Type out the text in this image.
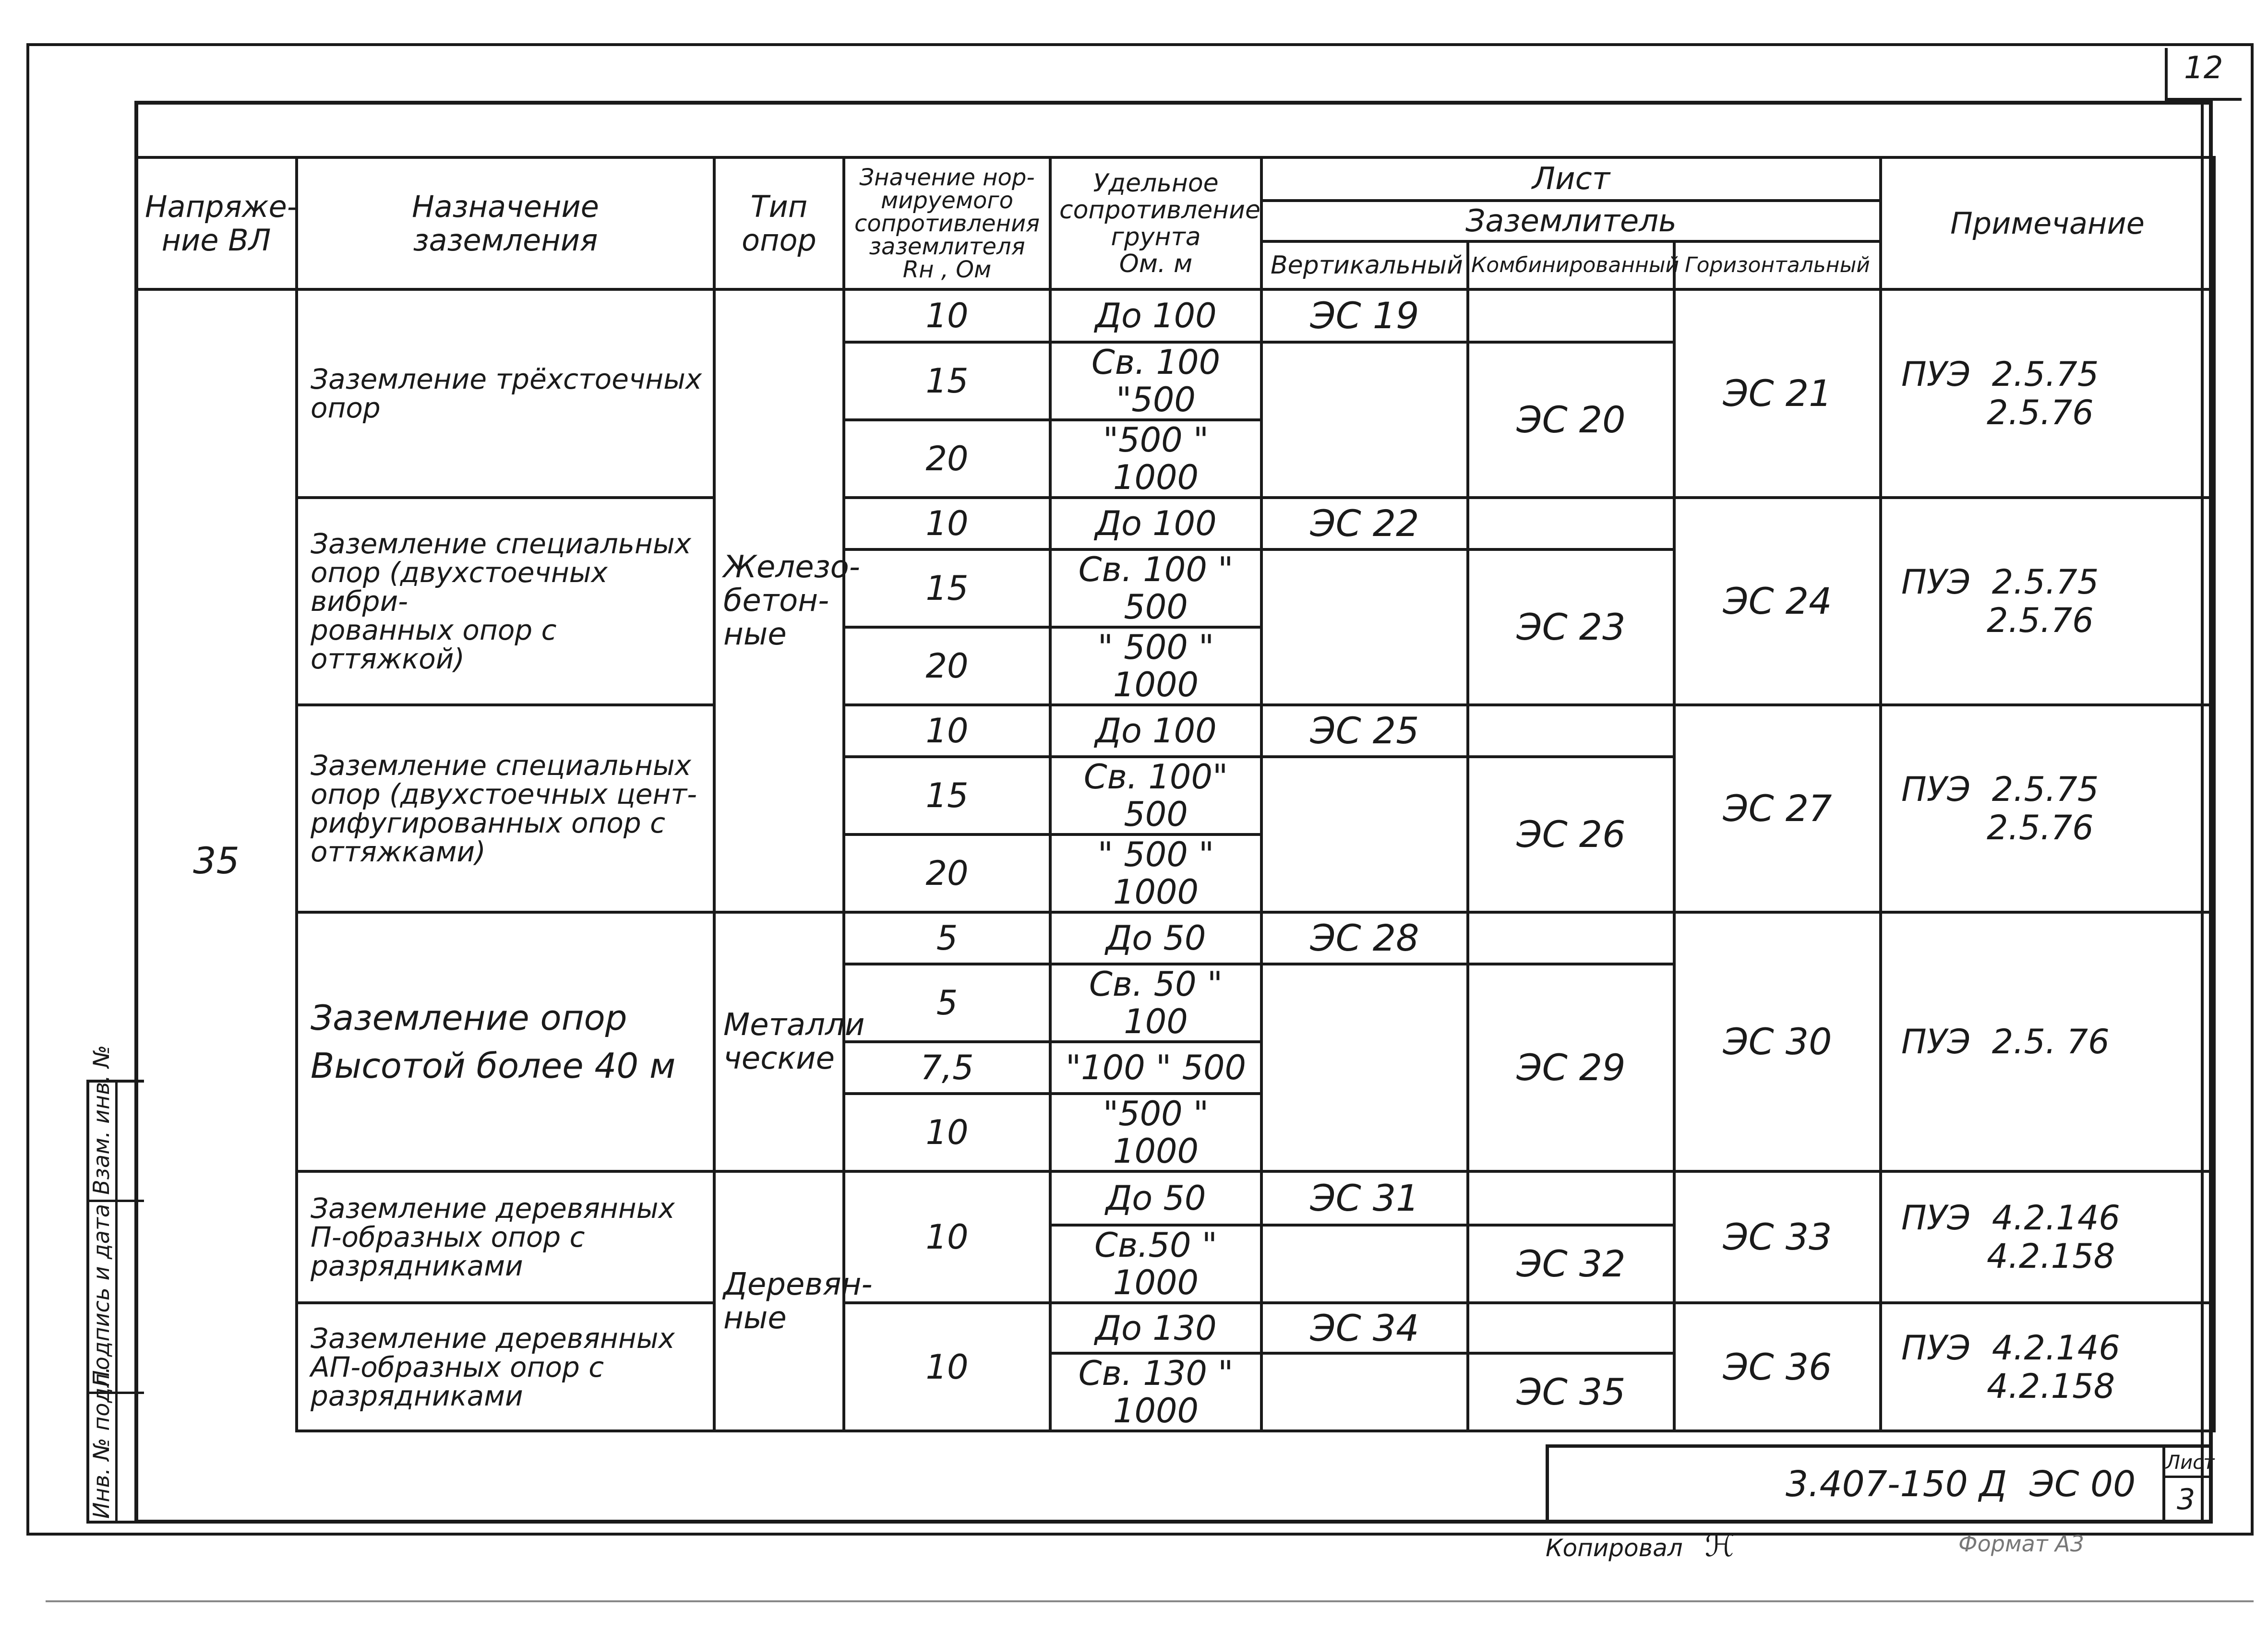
12
Напряже-
ние ВЛ	Назначение
заземления	Тип
опор	Значение нор-
мируемого
сопротивления
заземлителя
Rн , Ом	Удельное
сопротивление
грунта
Ом. м	Лист			Примечание
					Заземлитель			
					Вертикальный	Комбинированный	Горизонтальный	
35	Заземление трёхстоечных
опор	Железо-
бетон-
ные	10	До 100	ЭС 19		ЭС 21	ПУЭ  2.5.75
2.5.76
			15	Св. 100 "500		ЭС 20		
			20	"500 " 1000				
	Заземление специальных
опор (двухстоечных вибри-
рованных опор с оттяжкой)		10	До 100	ЭС 22		ЭС 24	ПУЭ  2.5.75
2.5.76
			15	Св. 100 " 500		ЭС 23		
			20	" 500 " 1000				
	Заземление специальных
опор (двухстоечных цент-
рифугированных опор с
оттяжками)		10	До 100	ЭС 25		ЭС 27	ПУЭ  2.5.75
2.5.76
			15	Св. 100" 500		ЭС 26		
			20	" 500 " 1000				
	Заземление опор
Высотой более 40 м	Металли
ческие	5	До 50	ЭС 28		ЭС 30	ПУЭ  2.5. 76
			5	Св. 50 " 100		ЭС 29		
			7,5	"100 " 500				
			10	"500 " 1000				
	Заземление деревянных
П-образных опор с
разрядниками	Деревян-
ные	10	До 50	ЭС 31		ЭС 33	ПУЭ  4.2.146
4.2.158
				Св.50 " 1000		ЭС 32		
	Заземление деревянных
АП-образных опор с
разрядниками		10	До 130	ЭС 34		ЭС 36	ПУЭ  4.2.146
4.2.158
				Св. 130 " 1000		ЭС 35		
Взам. инв. №
Подпись и дата
Инв. № подл.	3.407-150 Д  ЭС 00
Лист
3
Копировал ℋ	Формат А3
